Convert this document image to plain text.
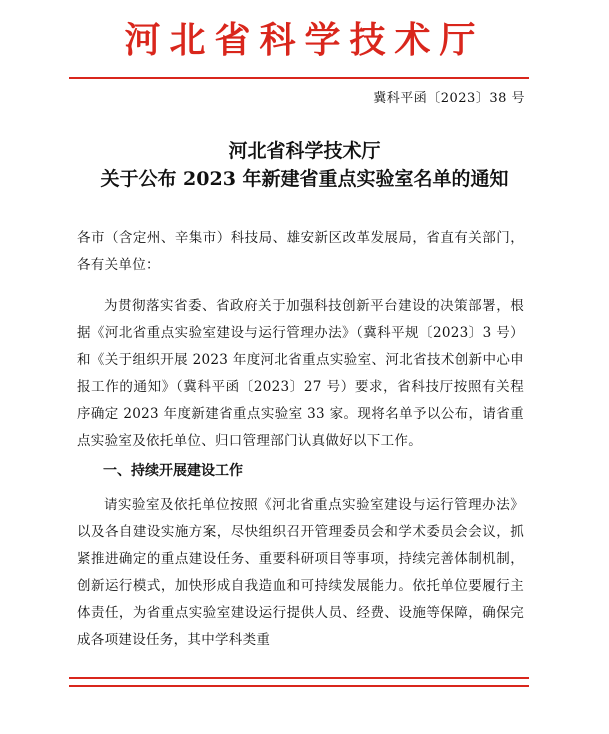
河北省科学技术厅
冀科平函〔2023〕38 号
河北省科学技术厅
关于公布 2023 年新建省重点实验室名单的通知
各市（含定州、辛集市）科技局、雄安新区改革发展局，省直有关部门，各有关单位：
为贯彻落实省委、省政府关于加强科技创新平台建设的决策部署，根据《河北省重点实验室建设与运行管理办法》（冀科平规〔2023〕3 号）和《关于组织开展 2023 年度河北省重点实验室、河北省技术创新中心申报工作的通知》（冀科平函〔2023〕27 号）要求，省科技厅按照有关程序确定 2023 年度新建省重点实验室 33 家。现将名单予以公布，请省重点实验室及依托单位、归口管理部门认真做好以下工作。
一、持续开展建设工作
请实验室及依托单位按照《河北省重点实验室建设与运行管理办法》以及各自建设实施方案，尽快组织召开管理委员会和学术委员会会议，抓紧推进确定的重点建设任务、重要科研项目等事项，持续完善体制机制，创新运行模式，加快形成自我造血和可持续发展能力。依托单位要履行主体责任，为省重点实验室建设运行提供人员、经费、设施等保障，确保完成各项建设任务，其中学科类重
